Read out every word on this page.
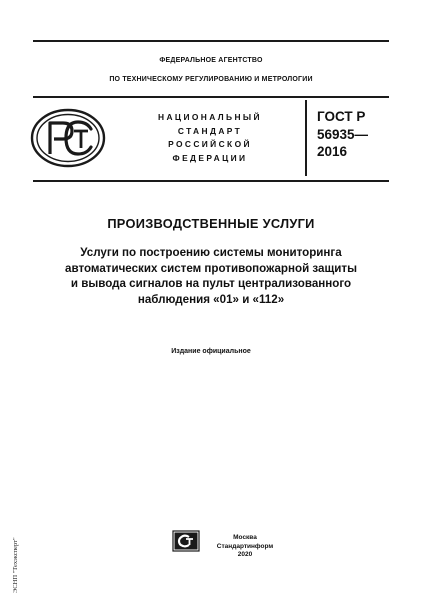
ФЕДЕРАЛЬНОЕ АГЕНТСТВО
ПО ТЕХНИЧЕСКОМУ РЕГУЛИРОВАНИЮ И МЕТРОЛОГИИ
НАЦИОНАЛЬНЫЙ
СТАНДАРТ
РОССИЙСКОЙ
ФЕДЕРАЦИИ
ГОСТ Р
56935—
2016
ПРОИЗВОДСТВЕННЫЕ УСЛУГИ
Услуги по построению системы мониторинга
автоматических систем противопожарной защиты
и вывода сигналов на пульт централизованного
наблюдения «01» и «112»
Издание официальное
Москва
Стандартинформ
2020
ЭСНП "Техэксперт"
